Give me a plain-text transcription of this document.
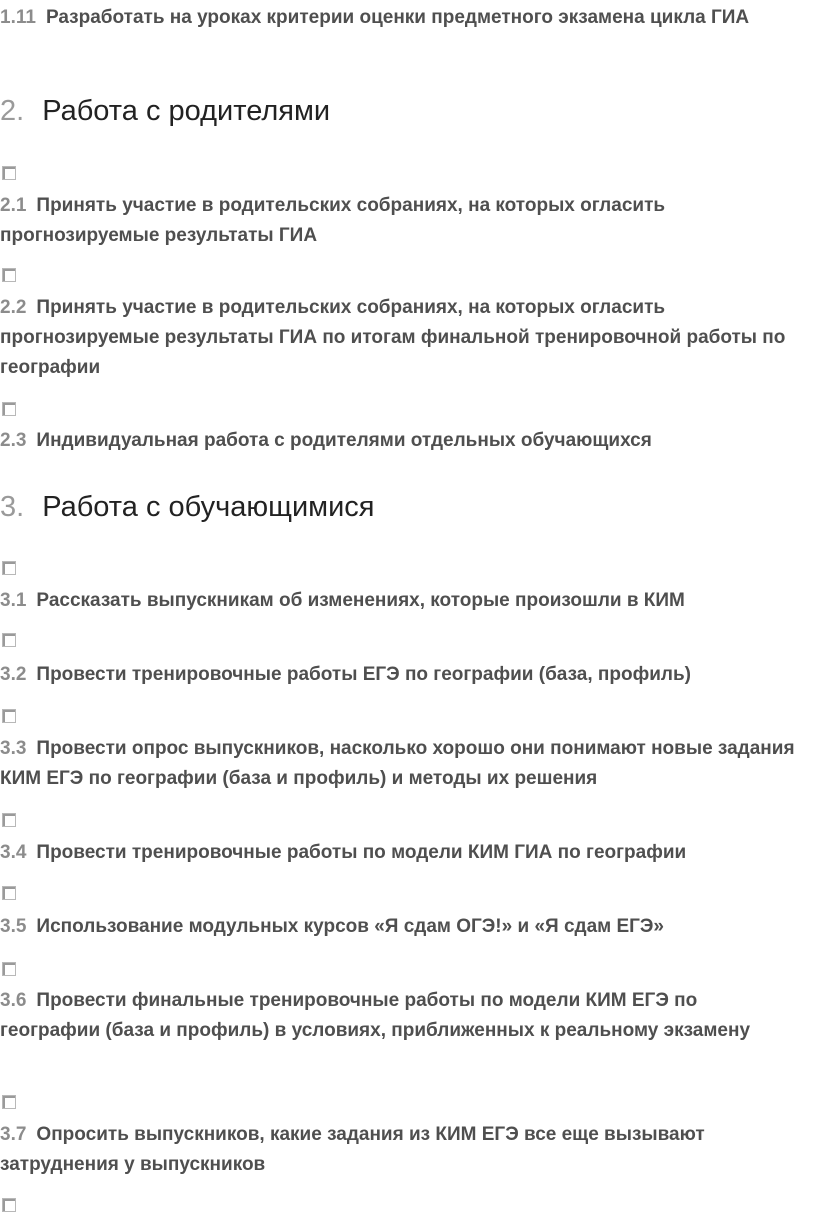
1.11 Разработать на уроках критерии оценки предметного экзамена цикла ГИА
2. Работа с родителями
2.1 Принять участие в родительских собраниях, на которых огласить прогнозируемые результаты ГИА
2.2 Принять участие в родительских собраниях, на которых огласить прогнозируемые результаты ГИА по итогам финальной тренировочной работы по географии
2.3 Индивидуальная работа с родителями отдельных обучающихся
3. Работа с обучающимися
3.1 Рассказать выпускникам об изменениях, которые произошли в КИМ
3.2 Провести тренировочные работы ЕГЭ по географии (база, профиль)
3.3 Провести опрос выпускников, насколько хорошо они понимают новые задания КИМ ЕГЭ по географии (база и профиль) и методы их решения
3.4 Провести тренировочные работы по модели КИМ ГИА по географии
3.5 Использование модульных курсов «Я сдам ОГЭ!» и «Я сдам ЕГЭ»
3.6 Провести финальные тренировочные работы по модели КИМ ЕГЭ по географии (база и профиль) в условиях, приближенных к реальному экзамену
3.7 Опросить выпускников, какие задания из КИМ ЕГЭ все еще вызывают затруднения у выпускников
